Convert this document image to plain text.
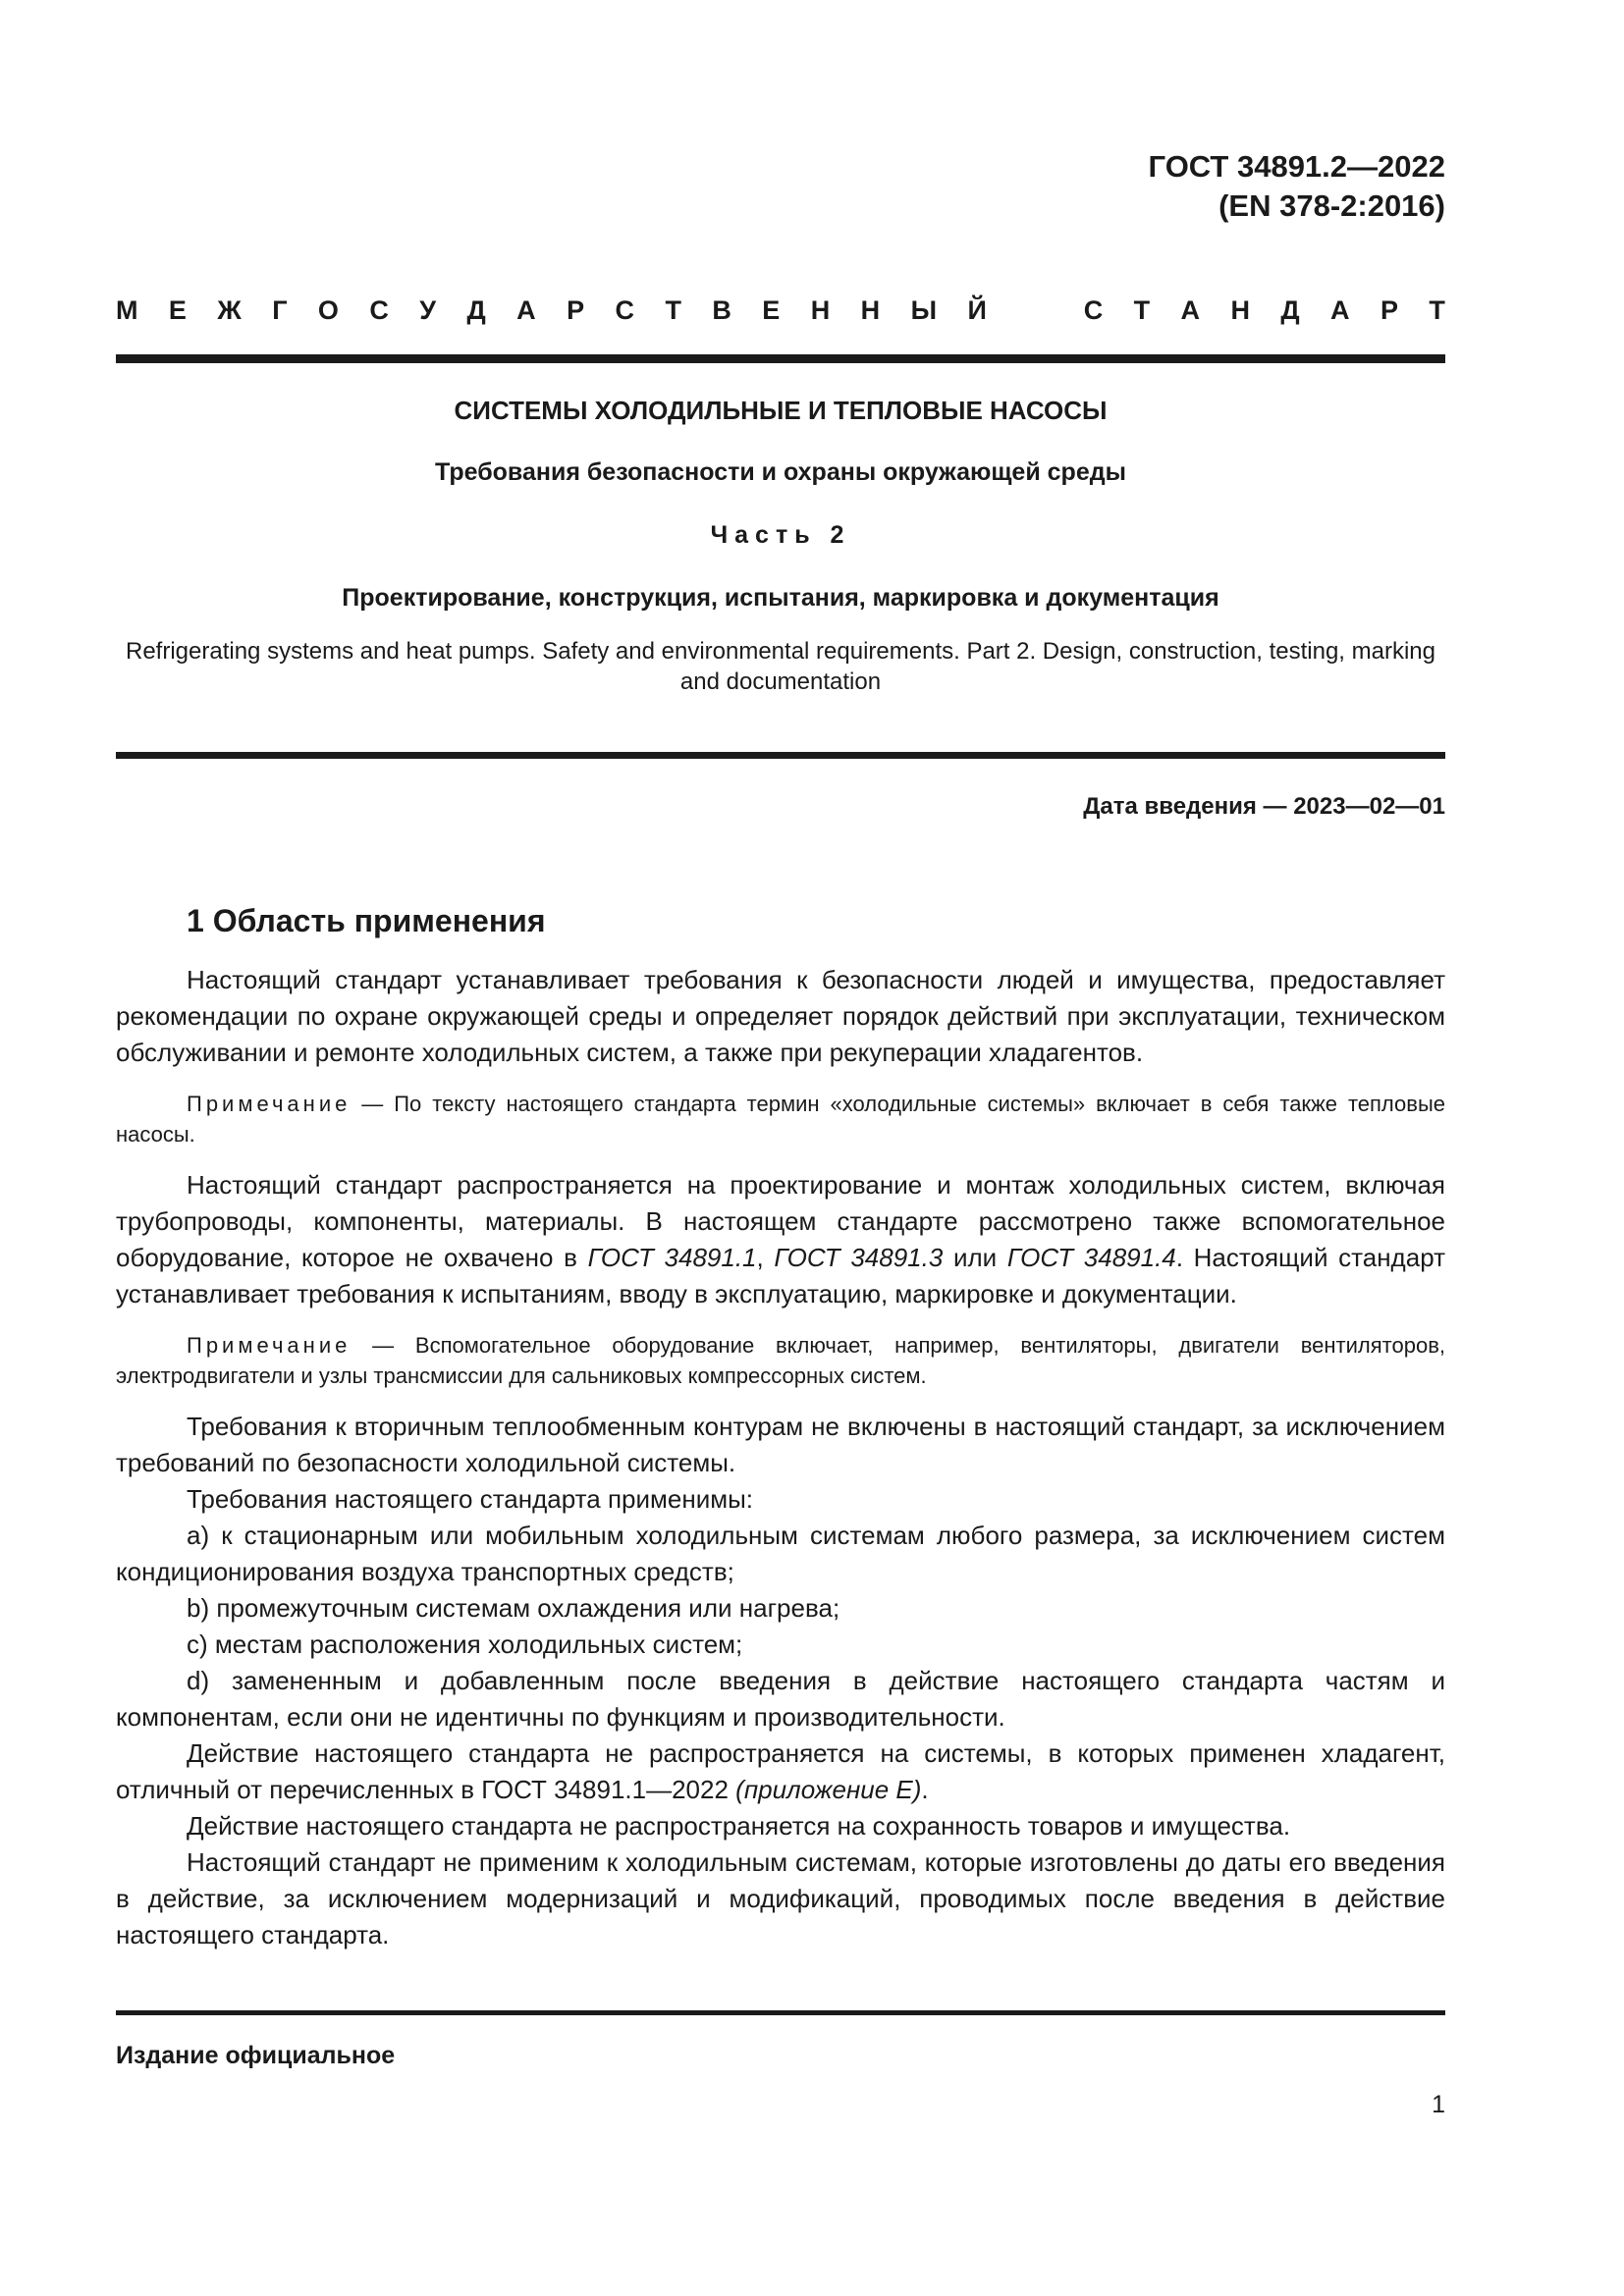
ГОСТ 34891.2—2022
(EN 378-2:2016)
М Е Ж Г О С У Д А Р С Т В Е Н Н Ы Й	С Т А Н Д А Р Т

СИСТЕМЫ ХОЛОДИЛЬНЫЕ И ТЕПЛОВЫЕ НАСОСЫ

Требования безопасности и охраны окружающей среды

Часть 2

Проектирование, конструкция, испытания, маркировка и документация

Refrigerating systems and heat pumps. Safety and environmental requirements. Part 2. Design, construction, testing, marking and documentation

Дата введения — 2023—02—01
1 Область применения

Настоящий стандарт устанавливает требования к безопасности людей и имущества, предоставляет рекомендации по охране окружающей среды и определяет порядок действий при эксплуатации, техническом обслуживании и ремонте холодильных систем, а также при рекуперации хладагентов.

Примечание — По тексту настоящего стандарта термин «холодильные системы» включает в себя также тепловые насосы.

Настоящий стандарт распространяется на проектирование и монтаж холодильных систем, включая трубопроводы, компоненты, материалы. В настоящем стандарте рассмотрено также вспомогательное оборудование, которое не охвачено в ГОСТ 34891.1, ГОСТ 34891.3 или ГОСТ 34891.4. Настоящий стандарт устанавливает требования к испытаниям, вводу в эксплуатацию, маркировке и документации.

Примечание — Вспомогательное оборудование включает, например, вентиляторы, двигатели вентиляторов, электродвигатели и узлы трансмиссии для сальниковых компрессорных систем.

Требования к вторичным теплообменным контурам не включены в настоящий стандарт, за исключением требований по безопасности холодильной системы.

Требования настоящего стандарта применимы:

a) к стационарным или мобильным холодильным системам любого размера, за исключением систем кондиционирования воздуха транспортных средств;

b) промежуточным системам охлаждения или нагрева;

c) местам расположения холодильных систем;

d) замененным и добавленным после введения в действие настоящего стандарта частям и компонентам, если они не идентичны по функциям и производительности.

Действие настоящего стандарта не распространяется на системы, в которых применен хладагент, отличный от перечисленных в ГОСТ 34891.1—2022 (приложение Е).

Действие настоящего стандарта не распространяется на сохранность товаров и имущества.

Настоящий стандарт не применим к холодильным системам, которые изготовлены до даты его введения в действие, за исключением модернизаций и модификаций, проводимых после введения в действие настоящего стандарта.

Издание официальное
1
